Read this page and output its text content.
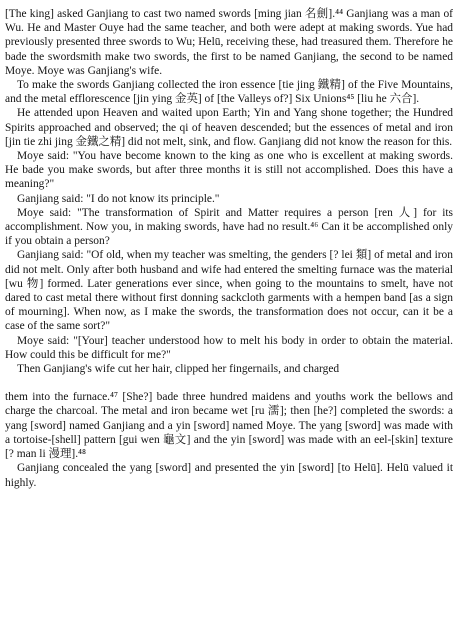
[The king] asked Ganjiang to cast two named swords [ming jian 名劍].⁴⁴ Ganjiang was a man of Wu. He and Master Ouye had the same teacher, and both were adept at making swords. Yue had previously presented three swords to Wu; Helū, receiving these, had treasured them. Therefore he bade the swordsmith make two swords, the first to be named Ganjiang, the second to be named Moye. Moye was Ganjiang's wife.

To make the swords Ganjiang collected the iron essence [tie jing 鐵精] of the Five Mountains, and the metal efflorescence [jin ying 金英] of [the Valleys of?] Six Unions⁴⁵ [liu he 六合].

He attended upon Heaven and waited upon Earth; Yin and Yang shone together; the Hundred Spirits approached and observed; the qi of heaven descended; but the essences of metal and iron [jin tie zhi jing 金鐵之精] did not melt, sink, and flow. Ganjiang did not know the reason for this.

Moye said: "You have become known to the king as one who is excellent at making swords. He bade you make swords, but after three months it is still not accomplished. Does this have a meaning?"

Ganjiang said: "I do not know its principle."

Moye said: "The transformation of Spirit and Matter requires a person [ren 人] for its accomplishment. Now you, in making swords, have had no result.⁴⁶ Can it be accomplished only if you obtain a person?

Ganjiang said: "Of old, when my teacher was smelting, the genders [? lei 類] of metal and iron did not melt. Only after both husband and wife had entered the smelting furnace was the material [wu 物] formed. Later generations ever since, when going to the mountains to smelt, have not dared to cast metal there without first donning sackcloth garments with a hempen band [as a sign of mourning]. When now, as I make the swords, the transformation does not occur, can it be a case of the same sort?"

Moye said: "[Your] teacher understood how to melt his body in order to obtain the material. How could this be difficult for me?"

Then Ganjiang's wife cut her hair, clipped her fingernails, and charged

them into the furnace.⁴⁷ [She?] bade three hundred maidens and youths work the bellows and charge the charcoal. The metal and iron became wet [ru 濡]; then [he?] completed the swords: a yang [sword] named Ganjiang and a yin [sword] named Moye. The yang [sword] was made with a tortoise-[shell] pattern [gui wen 龜文] and the yin [sword] was made with an eel-[skin] texture [? man li 漫理].⁴⁸

Ganjiang concealed the yang [sword] and presented the yin [sword] [to Helū]. Helū valued it highly.
